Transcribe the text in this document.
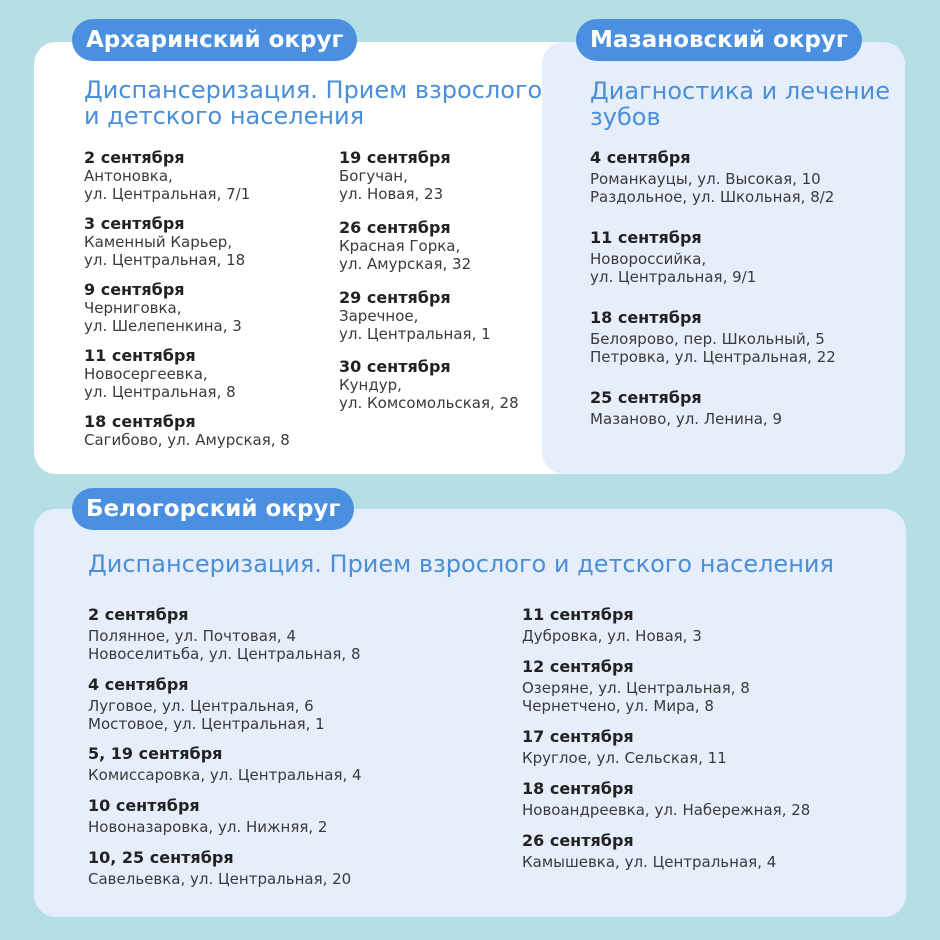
Архаринский округ	Мазановский округ
Белогорский округ
Диспансеризация. Прием взрослого и детского населения
Диагностика и лечение зубов
Диспансеризация. Прием взрослого и детского населения
2 сентября
Антоновка,
ул. Центральная, 7/1
3 сентября
Каменный Карьер,
ул. Центральная, 18
9 сентября
Черниговка,
ул. Шелепенкина, 3
11 сентября
Новосергеевка,
ул. Центральная, 8
18 сентября
Сагибово, ул. Амурская, 8
19 сентября
Богучан,
ул. Новая, 23
26 сентября
Красная Горка,
ул. Амурская, 32
29 сентября
Заречное,
ул. Центральная, 1
30 сентября
Кундур,
ул. Комсомольская, 28
4 сентября
Романкауцы, ул. Высокая, 10
Раздольное, ул. Школьная, 8/2
11 сентября
Новороссийка,
ул. Центральная, 9/1
18 сентября
Белоярово, пер. Школьный, 5
Петровка, ул. Центральная, 22
25 сентября
Мазаново, ул. Ленина, 9
2 сентября
Полянное, ул. Почтовая, 4
Новоселитьба, ул. Центральная, 8
4 сентября
Луговое, ул. Центральная, 6
Мостовое, ул. Центральная, 1
5, 19 сентября
Комиссаровка, ул. Центральная, 4
10 сентября
Новоназаровка, ул. Нижняя, 2
10, 25 сентября
Савельевка, ул. Центральная, 20
11 сентября
Дубровка, ул. Новая, 3
12 сентября
Озеряне, ул. Центральная, 8
Чернетчено, ул. Мира, 8
17 сентября
Круглое, ул. Сельская, 11
18 сентября
Новоандреевка, ул. Набережная, 28
26 сентября
Камышевка, ул. Центральная, 4
